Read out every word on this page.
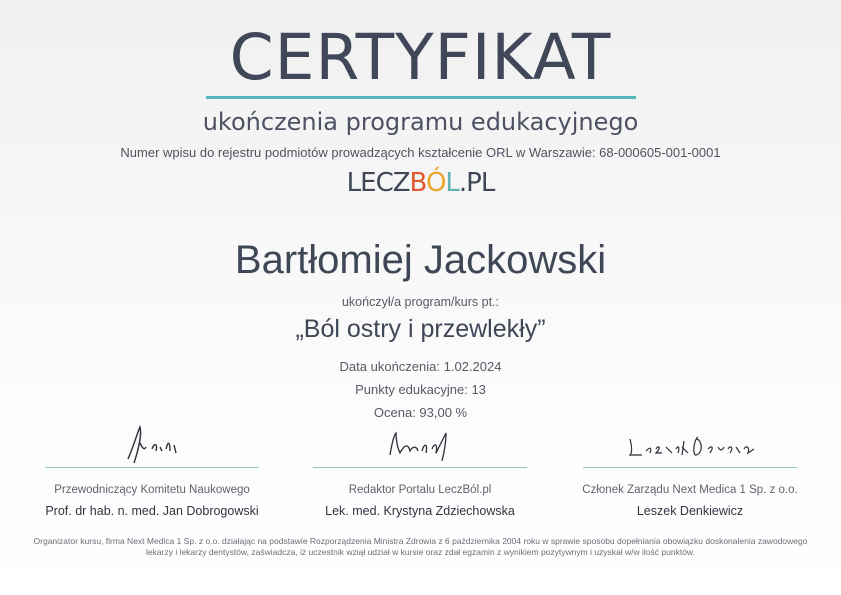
CERTYFIKAT
ukończenia programu edukacyjnego
Numer wpisu do rejestru podmiotów prowadzących kształcenie ORL w Warszawie: 68-000605-001-0001
LECZBÓL.PL
Bartłomiej Jackowski
ukończył/a program/kurs pt.:
„Ból ostry i przewlekły”
Data ukończenia: 1.02.2024
Punkty edukacyjne: 13
Ocena: 93,00 %
Przewodniczący Komitetu Naukowego
Prof. dr hab. n. med. Jan Dobrogowski
Redaktor Portalu LeczBól.pl
Lek. med. Krystyna Zdziechowska
Członek Zarządu Next Medica 1 Sp. z o.o.
Leszek Denkiewicz
Organizator kursu, firma Next Medica 1 Sp. z o.o. działając na podstawie Rozporządzenia Ministra Zdrowia z 6 października 2004 roku w sprawie sposobu dopełniania obowiązku doskonalenia zawodowego lekarzy i lekarzy dentystów, zaświadcza, iż uczestnik wziął udział w kursie oraz zdał egzamin z wynikiem pozytywnym i uzyskał w/w ilość punktów.
